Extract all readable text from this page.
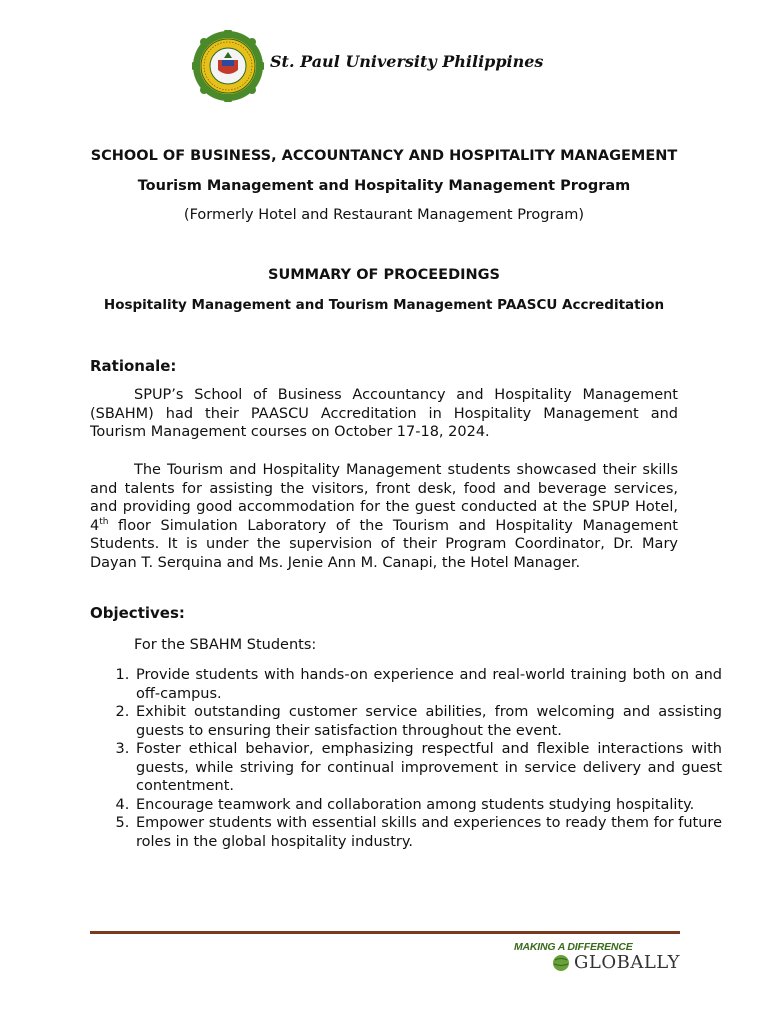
St. Paul University Philippines
SCHOOL OF BUSINESS, ACCOUNTANCY AND HOSPITALITY MANAGEMENT
Tourism Management and Hospitality Management Program
(Formerly Hotel and Restaurant Management Program)
SUMMARY OF PROCEEDINGS
Hospitality Management and Tourism Management PAASCU Accreditation
Rationale:

SPUP’s School of Business Accountancy and Hospitality Management (SBAHM) had their PAASCU Accreditation in Hospitality Management and Tourism Management courses on October 17-18, 2024.

The Tourism and Hospitality Management students showcased their skills and talents for assisting the visitors, front desk, food and beverage services, and providing good accommodation for the guest conducted at the SPUP Hotel, 4th floor Simulation Laboratory of the Tourism and Hospitality Management Students. It is under the supervision of their Program Coordinator, Dr. Mary Dayan T. Serquina and Ms. Jenie Ann M. Canapi, the Hotel Manager.

Objectives:
For the SBAHM Students:
1. Provide students with hands-on experience and real-world training both on and off-campus.
2. Exhibit outstanding customer service abilities, from welcoming and assisting guests to ensuring their satisfaction throughout the event.
3. Foster ethical behavior, emphasizing respectful and flexible interactions with guests, while striving for continual improvement in service delivery and guest contentment.
4. Encourage teamwork and collaboration among students studying hospitality.
5. Empower students with essential skills and experiences to ready them for future roles in the global hospitality industry.
MAKING A DIFFERENCE
GLOBALLY
